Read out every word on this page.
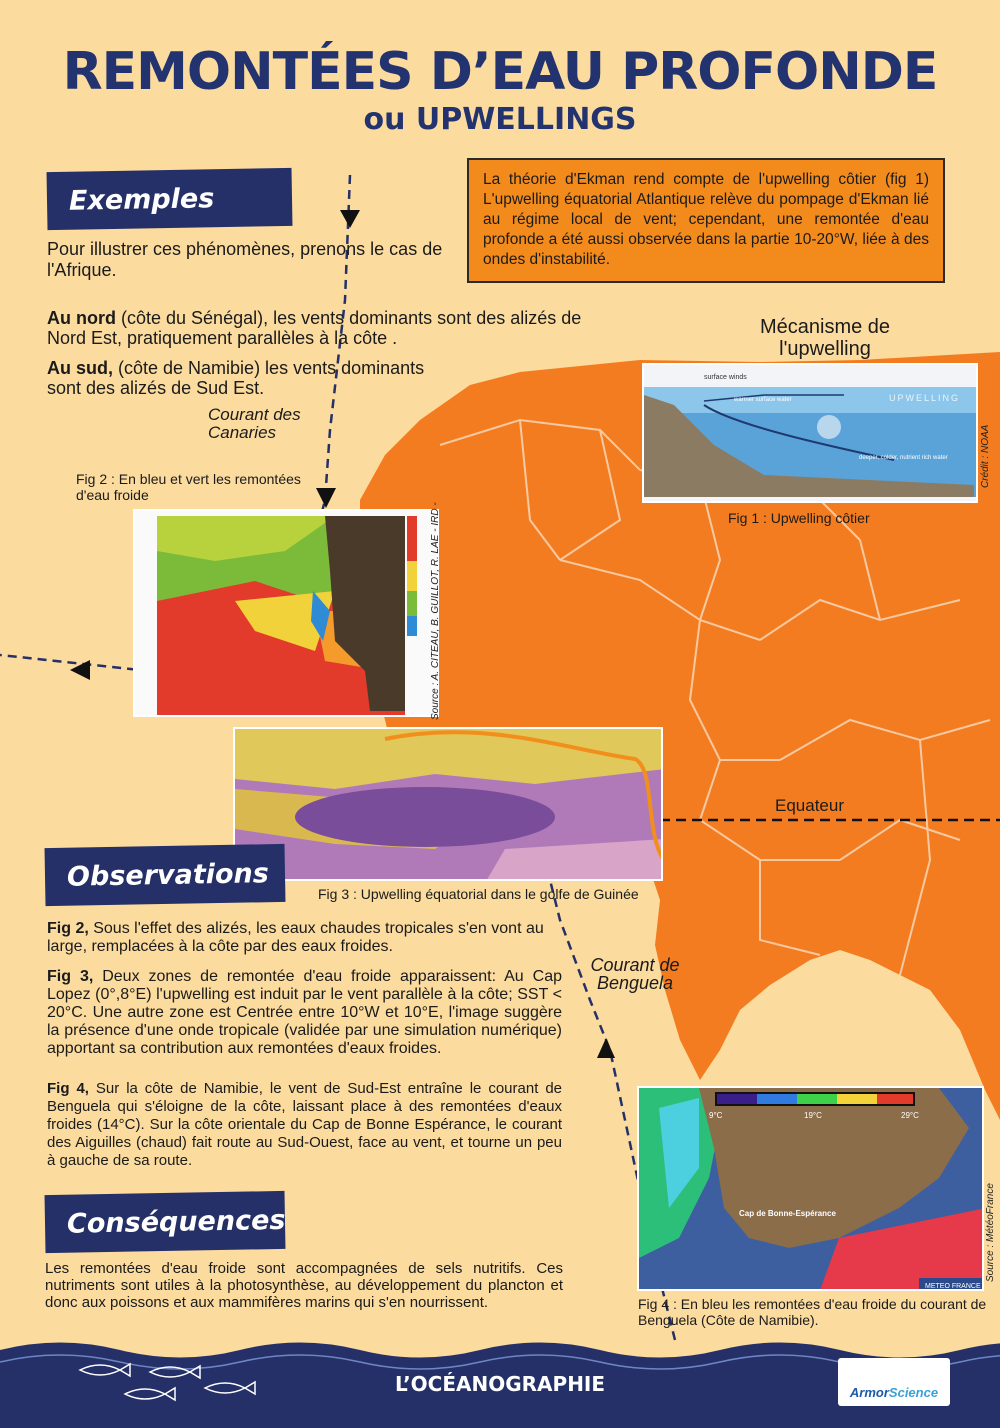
REMONTÉES D’EAU PROFONDE
ou UPWELLINGS
Exemples
Pour illustrer ces phénomènes, prenons le cas de l'Afrique.
Au nord (côte du Sénégal), les vents dominants sont des alizés de Nord Est, pratiquement parallèles à la côte .
Au sud, (côte de Namibie) les vents dominants sont des alizés de Sud Est.
La théorie d'Ekman rend compte de l'upwelling côtier (fig 1) L'upwelling équatorial Atlantique relève du pompage d'Ekman lié au régime local de vent; cependant, une remontée d'eau profonde a été aussi observée dans la partie 10-20°W, liée à des ondes d'instabilité.
Mécanisme de l'upwelling
Courant des Canaries
Courant de Benguela
Equateur
surface winds
warmer surface water	UPWELLING
deeper, colder, nutrient rich water
Fig 1 : Upwelling côtier
Crédit : NOAA
Fig 2 : En bleu et vert les remontées d'eau froide
Source : A. CITEAU, B. GUILLOT, R. LAE - IRD -
Fig 3 : Upwelling équatorial dans le golfe de Guinée
Observations
Fig 2, Sous l'effet des alizés, les eaux chaudes tropicales s'en vont au large, remplacées à la côte par des eaux froides.
Fig 3, Deux zones de remontée d'eau froide apparaissent: Au Cap Lopez (0°,8°E) l'upwelling est induit par le vent parallèle à la côte; SST < 20°C. Une autre zone est Centrée entre 10°W et 10°E, l'image suggère la présence d'une onde tropicale (validée par une simulation numérique) apportant sa contribution aux remontées d'eaux froides.
Fig 4, Sur la côte de Namibie, le vent de Sud-Est entraîne le courant de Benguela qui s'éloigne de la côte, laissant place à des remontées d'eaux froides (14°C). Sur la côte orientale du Cap de Bonne Espérance, le courant des Aiguilles (chaud) fait route au Sud-Ouest, face au vent, et tourne un peu à gauche de sa route.
9°C	19°C	29°C
Cap de Bonne-Espérance
METEO FRANCE
Source : MétéoFrance
Fig 4 : En bleu les remontées d'eau froide du courant de Benguela (Côte de Namibie).
Conséquences
Les remontées d'eau froide sont accompagnées de sels nutritifs. Ces nutriments sont utiles à la photosynthèse, au développement du plancton et donc aux poissons et aux mammifères marins qui s'en nourrissent.
L’OCÉANOGRAPHIE	ArmorScience
